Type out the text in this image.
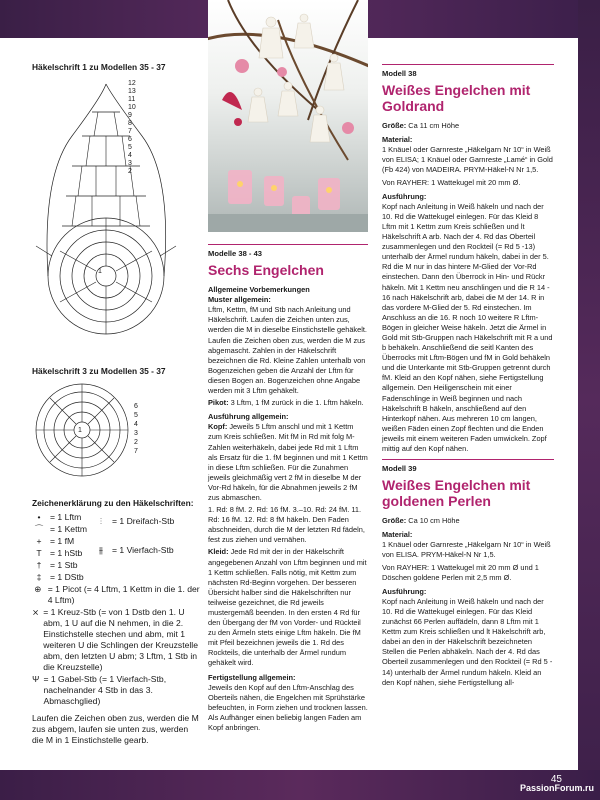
Häkelschrift 1 zu Modellen 35 - 37
12
13
11
10
9
8
7
6
5
4
3
2
1
Häkelschrift 3 zu Modellen 35 - 37
1
6
5
4
3
2
7
Zeichenerklärung zu den Häkelschriften:
⫶	= 1 Dreifach-Stb
⫵	= 1 Vierfach-Stb
•	= 1 Lftm
⌒ = 1 Kettm
+ = 1 fM
T = 1 hStb
†	= 1 Stb
‡	= 1 DStb
⊕ = 1 Picot (= 4 Lftm, 1 Kettm in die 1. der 4 Lftm)
⨯ = 1 Kreuz-Stb (= von 1 Dstb den 1. U abm, 1 U auf die N nehmen, in die 2. Einstichstelle stechen und abm, mit 1 weiteren U die Schlingen der Kreuzstelle abm, den letzten U abm; 3 Lftm, 1 Stb in die Kreuzstelle)
Ψ = 1 Gabel-Stb (= 1 Vierfach-Stb, nachelnander 4 Stb in das 3. Abmaschglied)

Laufen die Zeichen oben zus, werden die M zus abgem, laufen sie unten zus, werden die M in 1 Einstichstelle gearb.

Modelle 38 - 43
Sechs Engelchen
Allgemeine Vorbemerkungen
Muster allgemein:

Lftm, Kettm, fM und Stb nach Anleitung und Häkelschrift. Laufen die Zeichen unten zus, werden die M in dieselbe Einstichstelle gehäkelt. Laufen die Zeichen oben zus, werden die M zus abgemascht. Zahlen in der Häkelschrift bezeichnen die Rd. Kleine Zahlen unterhalb von Bogenzeichen geben die Anzahl der Lftm für diesen Bogen an. Bogenzeichen ohne Angabe werden mit 3 Lftm gehäkelt.

Pikot: 3 Lftm, 1 fM zurück in die 1. Lftm häkeln.

Ausführung allgemein:

Kopf: Jeweils 5 Lftm anschl und mit 1 Kettm zum Kreis schließen. Mit fM in Rd mit folg M-Zahlen weiterhäkeln, dabei jede Rd mit 1 Lftm als Ersatz für die 1. fM beginnen und mit 1 Kettm in diese Lftm schließen. Für die Zunahmen jeweils gleichmäßig vert 2 fM in dieselbe M der Vor-Rd häkeln, für die Abnahmen jeweils 2 fM zus abmaschen.

1. Rd: 8 fM. 2. Rd: 16 fM. 3.–10. Rd: 24 fM. 11. Rd: 16 fM. 12. Rd: 8 fM häkeln. Den Faden abschneiden, durch die M der letzten Rd fädeln, fest zus ziehen und vernähen.

Kleid: Jede Rd mit der in der Häkelschrift angegebenen Anzahl von Lftm beginnen und mit 1 Kettm schließen. Falls nötig, mit Kettm zum nächsten Rd-Beginn vorgehen. Der besseren Übersicht halber sind die Häkelschriften nur teilweise gezeichnet, die Rd jeweils mustergemäß beenden. In den ersten 4 Rd für den Übergang der fM von Vorder- und Rückteil zu den Ärmeln stets einige Lftm häkeln. Die fM mit Pfeil bezeichnen jeweils die 1. Rd des Rockteils, die unterhalb der Ärmel rundum gehäkelt wird.

Fertigstellung allgemein:

Jeweils den Kopf auf den Lftm-Anschlag des Oberteils nähen, die Engelchen mit Sprühstärke befeuchten, in Form ziehen und trocknen lassen. Als Aufhänger einen beliebig langen Faden am Kopf anbringen.

Modell 38
Weißes Engelchen mit Goldrand

Größe: Ca 11 cm Höhe

Material:

1 Knäuel oder Garnreste „Häkelgarn Nr 10“ in Weiß von ELISA; 1 Knäuel oder Garnreste „Lamé“ in Gold (Fb 424) von MADEIRA. PRYM-Häkel-N Nr 1,5.

Von RAYHER: 1 Wattekugel mit 20 mm Ø.

Ausführung:

Kopf nach Anleitung in Weiß häkeln und nach der 10. Rd die Wattekugel einlegen. Für das Kleid 8 Lftm mit 1 Kettm zum Kreis schließen und lt Häkelschrift A arb. Nach der 4. Rd das Oberteil zusammenlegen und den Rockteil (= Rd 5 -13) unterhalb der Ärmel rundum häkeln, dabei in der 5. Rd die M nur in das hintere M-Glied der Vor-Rd einstechen. Dann den Überrock in Hin- und Rückr häkeln. Mit 1 Kettm neu anschlingen und die R 14 - 16 nach Häkelschrift arb, dabei die M der 14. R in das vordere M-Glied der 5. Rd einstechen. Im Anschluss an die 16. R noch 10 weitere R Lftm-Bögen in gleicher Weise häkeln. Jetzt die Ärmel in Gold mit Stb-Gruppen nach Häkelschrift mit R a und b behäkeln. Anschließend die seitl Kanten des Überrocks mit Lftm-Bögen und fM in Gold behäkeln und die Unterkante mit Stb-Gruppen getrennt durch fM. Kleid an den Kopf nähen, siehe Fertigstellung allgemein. Den Heiligenschein mit einer Fadenschlinge in Weiß beginnen und nach Häkelschrift B häkeln, anschließend auf den Hinterkopf nähen. Aus mehreren 10 cm langen, weißen Fäden einen Zopf flechten und die Enden jeweils mit einem weiteren Faden umwickeln. Zopf mittig auf den Kopf nähen.

Modell 39
Weißes Engelchen mit goldenen Perlen

Größe: Ca 10 cm Höhe

Material:

1 Knäuel oder Garnreste „Häkelgarn Nr 10“ in Weiß von ELISA. PRYM-Häkel-N Nr 1,5.

Von RAYHER: 1 Wattekugel mit 20 mm Ø und 1 Döschen goldene Perlen mit 2,5 mm Ø.

Ausführung:

Kopf nach Anleitung in Weiß häkeln und nach der 10. Rd die Wattekugel einlegen. Für das Kleid zunächst 66 Perlen auffädeln, dann 8 Lftm mit 1 Kettm zum Kreis schließen und lt Häkelschrift arb, dabei an den in der Häkelschrift bezeichneten Stellen die Perlen abhäkeln. Nach der 4. Rd das Oberteil zusammenlegen und den Rockteil (= Rd 5 - 14) unterhalb der Ärmel rundum häkeln. Kleid an den Kopf nähen, siehe Fertigstellung all-

45
PassionForum.ru
